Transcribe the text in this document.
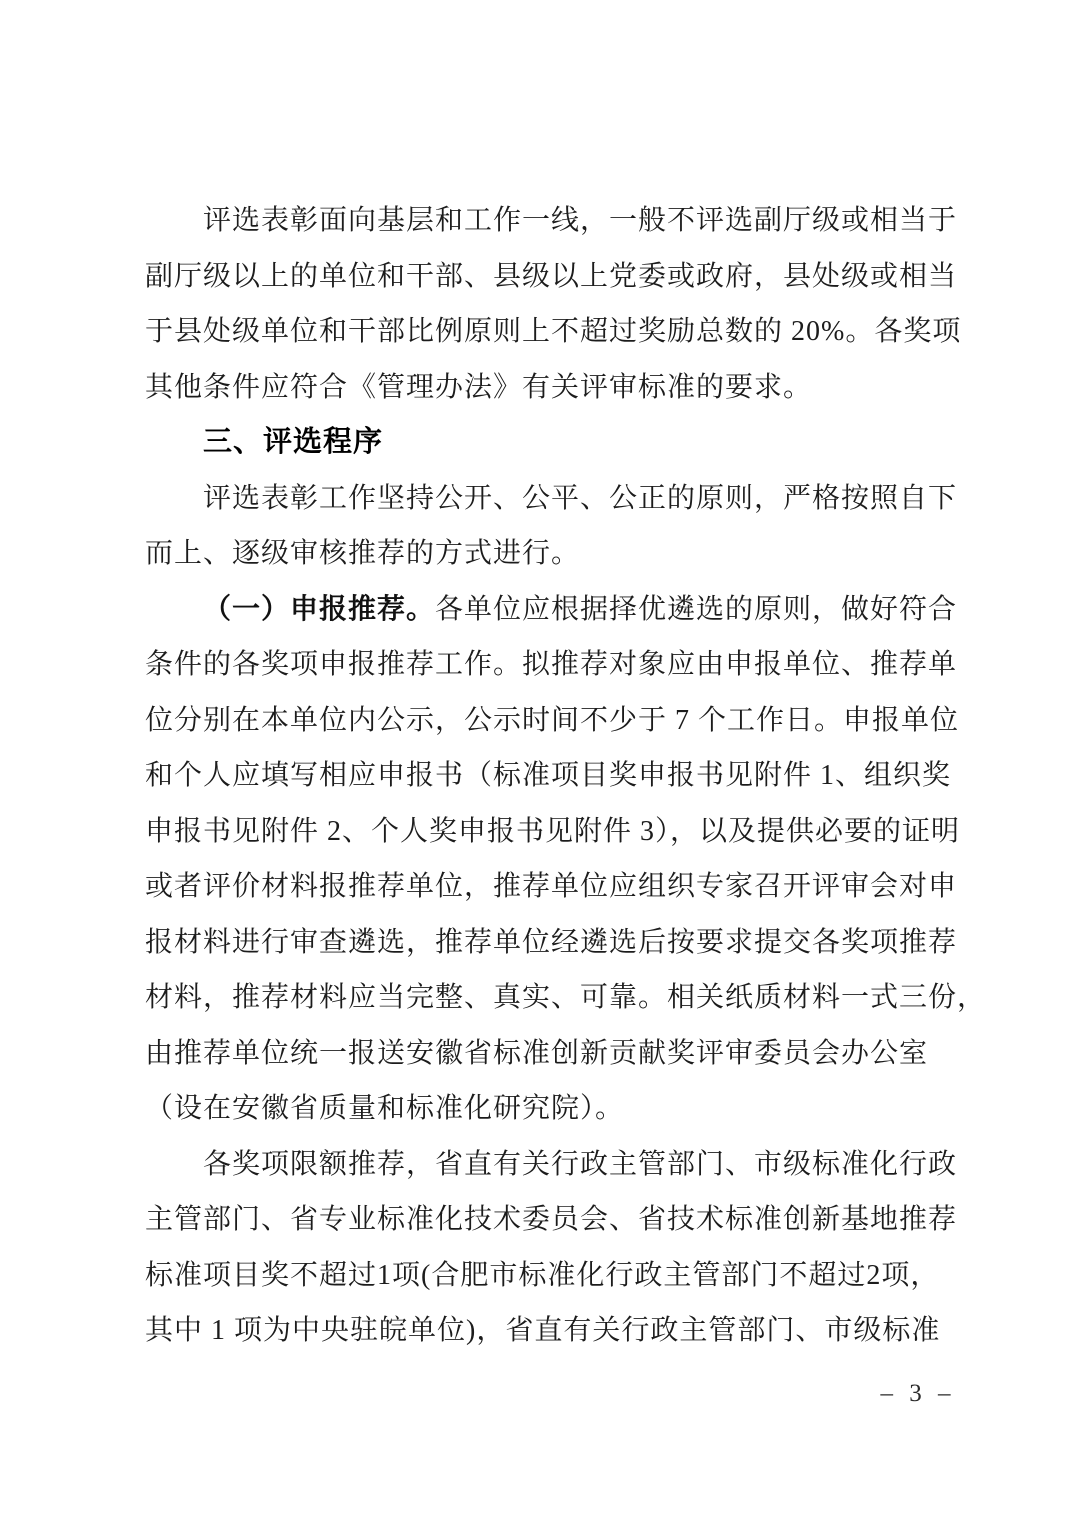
评选表彰面向基层和工作一线，一般不评选副厅级或相当于
副厅级以上的单位和干部、县级以上党委或政府，县处级或相当
于县处级单位和干部比例原则上不超过奖励总数的 20%。各奖项
其他条件应符合《管理办法》有关评审标准的要求。
三、评选程序
评选表彰工作坚持公开、公平、公正的原则，严格按照自下
而上、逐级审核推荐的方式进行。
（一）申报推荐。各单位应根据择优遴选的原则，做好符合
条件的各奖项申报推荐工作。拟推荐对象应由申报单位、推荐单
位分别在本单位内公示，公示时间不少于 7 个工作日。申报单位
和个人应填写相应申报书（标准项目奖申报书见附件 1、组织奖
申报书见附件 2、个人奖申报书见附件 3），以及提供必要的证明
或者评价材料报推荐单位，推荐单位应组织专家召开评审会对申
报材料进行审查遴选，推荐单位经遴选后按要求提交各奖项推荐
材料，推荐材料应当完整、真实、可靠。相关纸质材料一式三份，
由推荐单位统一报送安徽省标准创新贡献奖评审委员会办公室
（设在安徽省质量和标准化研究院）。
各奖项限额推荐，省直有关行政主管部门、市级标准化行政
主管部门、省专业标准化技术委员会、省技术标准创新基地推荐
标准项目奖不超过1项(合肥市标准化行政主管部门不超过2项，
其中 1 项为中央驻皖单位)，省直有关行政主管部门、市级标准
– 3 –
